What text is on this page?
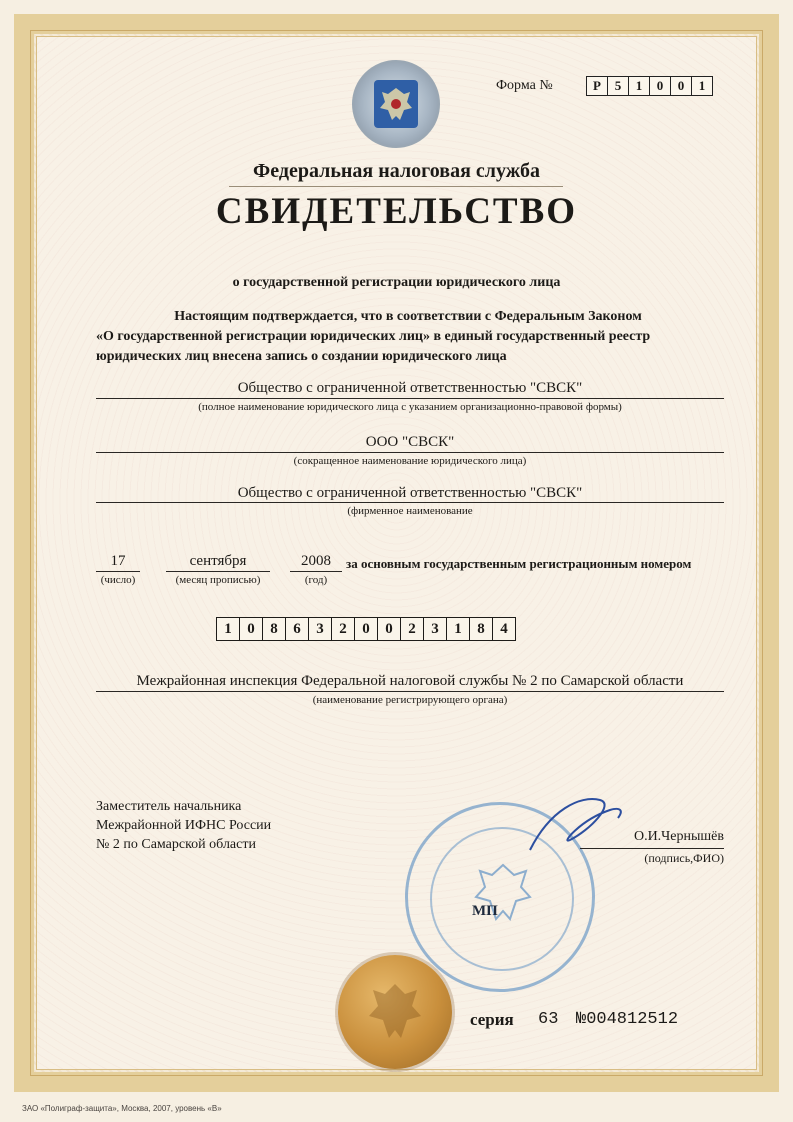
Форма №	Р	5	1	0	0	1
Федеральная налоговая служба
СВИДЕТЕЛЬСТВО
о государственной регистрации юридического лица
Настоящим подтверждается, что в соответствии с Федеральным Законом
«О государственной регистрации юридических лиц» в единый государственный реестр
юридических лиц внесена запись о создании юридического лица
Общество с ограниченной ответственностью "СВСК"
(полное наименование юридического лица с указанием организационно-правовой формы)
ООО "СВСК"
(сокращенное наименование юридического лица)
Общество с ограниченной ответственностью "СВСК"
(фирменное наименование
17
(число)
сентября
(месяц прописью)
2008
(год)
за основным государственным регистрационным номером
1	0	8	6	3	2	0	0	2	3	1	8	4
Межрайонная инспекция Федеральной налоговой службы № 2 по Самарской области
(наименование регистрирующего органа)
МП
Заместитель начальника
Межрайонной ИФНС России
№ 2 по Самарской области
О.И.Чернышёв
(подпись,ФИО)
серия 63 №004812512
ЗАО «Полиграф-защита», Москва, 2007, уровень «В»
